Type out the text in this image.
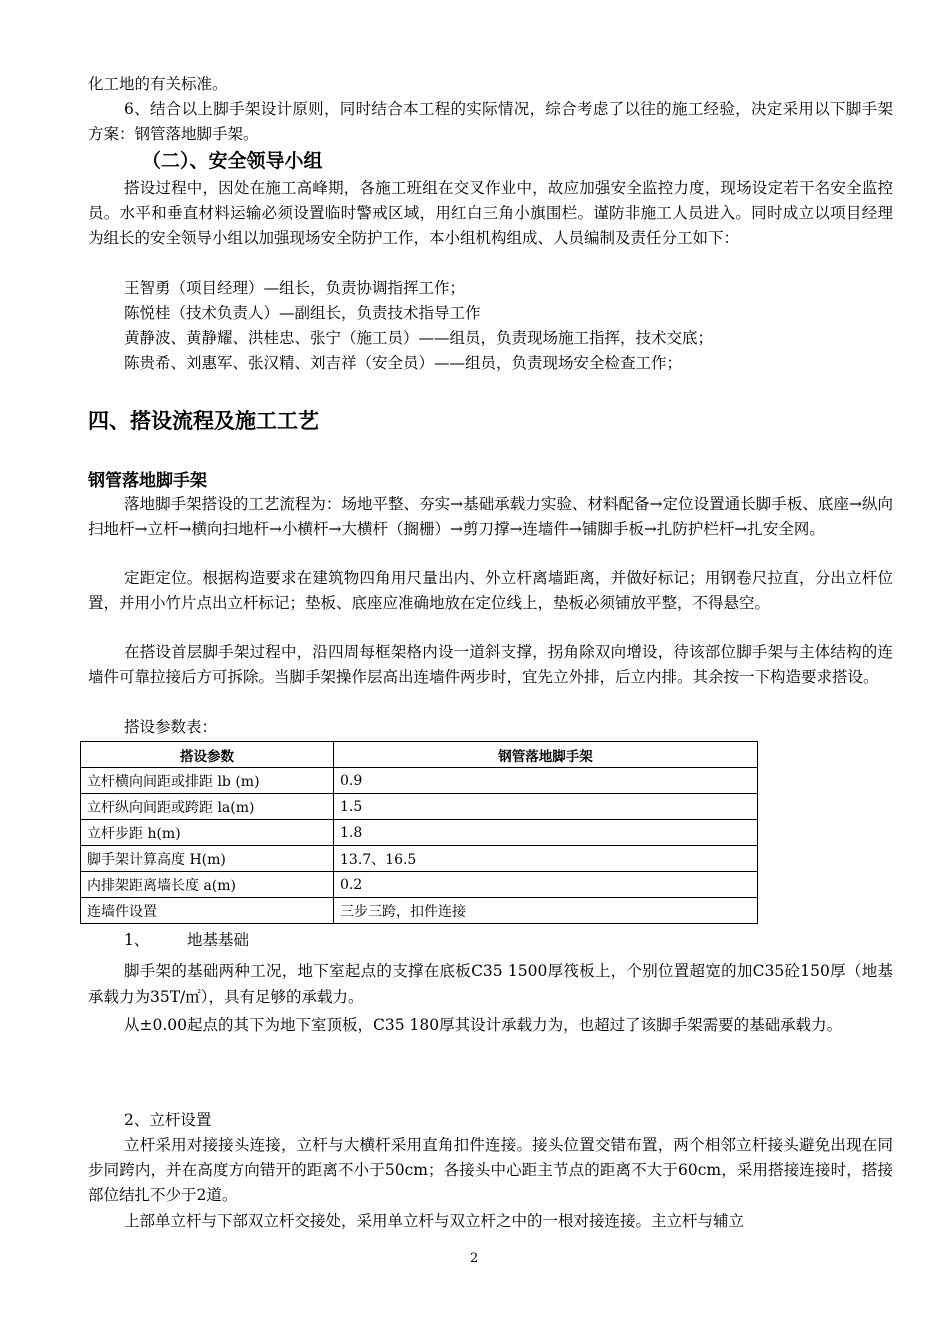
化工地的有关标准。
6、结合以上脚手架设计原则，同时结合本工程的实际情况，综合考虑了以往的施工经验，决定采用以下脚手架方案：钢管落地脚手架。
（二）、安全领导小组
搭设过程中，因处在施工高峰期，各施工班组在交叉作业中，故应加强安全监控力度，现场设定若干名安全监控员。水平和垂直材料运输必须设置临时警戒区域，用红白三角小旗围栏。谨防非施工人员进入。同时成立以项目经理为组长的安全领导小组以加强现场安全防护工作，本小组机构组成、人员编制及责任分工如下：
王智勇（项目经理）—组长，负责协调指挥工作；
陈悦桂（技术负责人）—副组长，负责技术指导工作
黄静波、黄静耀、洪桂忠、张宁（施工员）——组员，负责现场施工指挥，技术交底；
陈贵希、刘惠军、张汉精、刘吉祥（安全员）——组员，负责现场安全检查工作；
四、搭设流程及施工工艺
钢管落地脚手架
落地脚手架搭设的工艺流程为：场地平整、夯实→基础承载力实验、材料配备→定位设置通长脚手板、底座→纵向扫地杆→立杆→横向扫地杆→小横杆→大横杆（搁栅）→剪刀撑→连墙件→铺脚手板→扎防护栏杆→扎安全网。
定距定位。根据构造要求在建筑物四角用尺量出内、外立杆离墙距离，并做好标记；用钢卷尺拉直，分出立杆位置，并用小竹片点出立杆标记；垫板、底座应准确地放在定位线上，垫板必须铺放平整，不得悬空。
在搭设首层脚手架过程中，沿四周每框架格内设一道斜支撑，拐角除双向增设，待该部位脚手架与主体结构的连墙件可靠拉接后方可拆除。当脚手架操作层高出连墙件两步时，宜先立外排，后立内排。其余按一下构造要求搭设。
搭设参数表：
搭设参数	钢管落地脚手架
立杆横向间距或排距 lb (m)	0.9
立杆纵向间距或跨距 la(m)	1.5
立杆步距 h(m)	1.8
脚手架计算高度 H(m)	13.7、16.5
内排架距离墙长度 a(m)	0.2
连墙件设置	三步三跨，扣件连接
1、 地基基础
脚手架的基础两种工况，地下室起点的支撑在底板C35 1500厚筏板上，个别位置超宽的加C35砼150厚（地基承载力为35T/㎡），具有足够的承载力。
从±0.00起点的其下为地下室顶板，C35 180厚其设计承载力为，也超过了该脚手架需要的基础承载力。
2、立杆设置
立杆采用对接接头连接，立杆与大横杆采用直角扣件连接。接头位置交错布置，两个相邻立杆接头避免出现在同步同跨内，并在高度方向错开的距离不小于50cm；各接头中心距主节点的距离不大于60cm，采用搭接连接时，搭接部位结扎不少于2道。
上部单立杆与下部双立杆交接处，采用单立杆与双立杆之中的一根对接连接。主立杆与辅立
2
